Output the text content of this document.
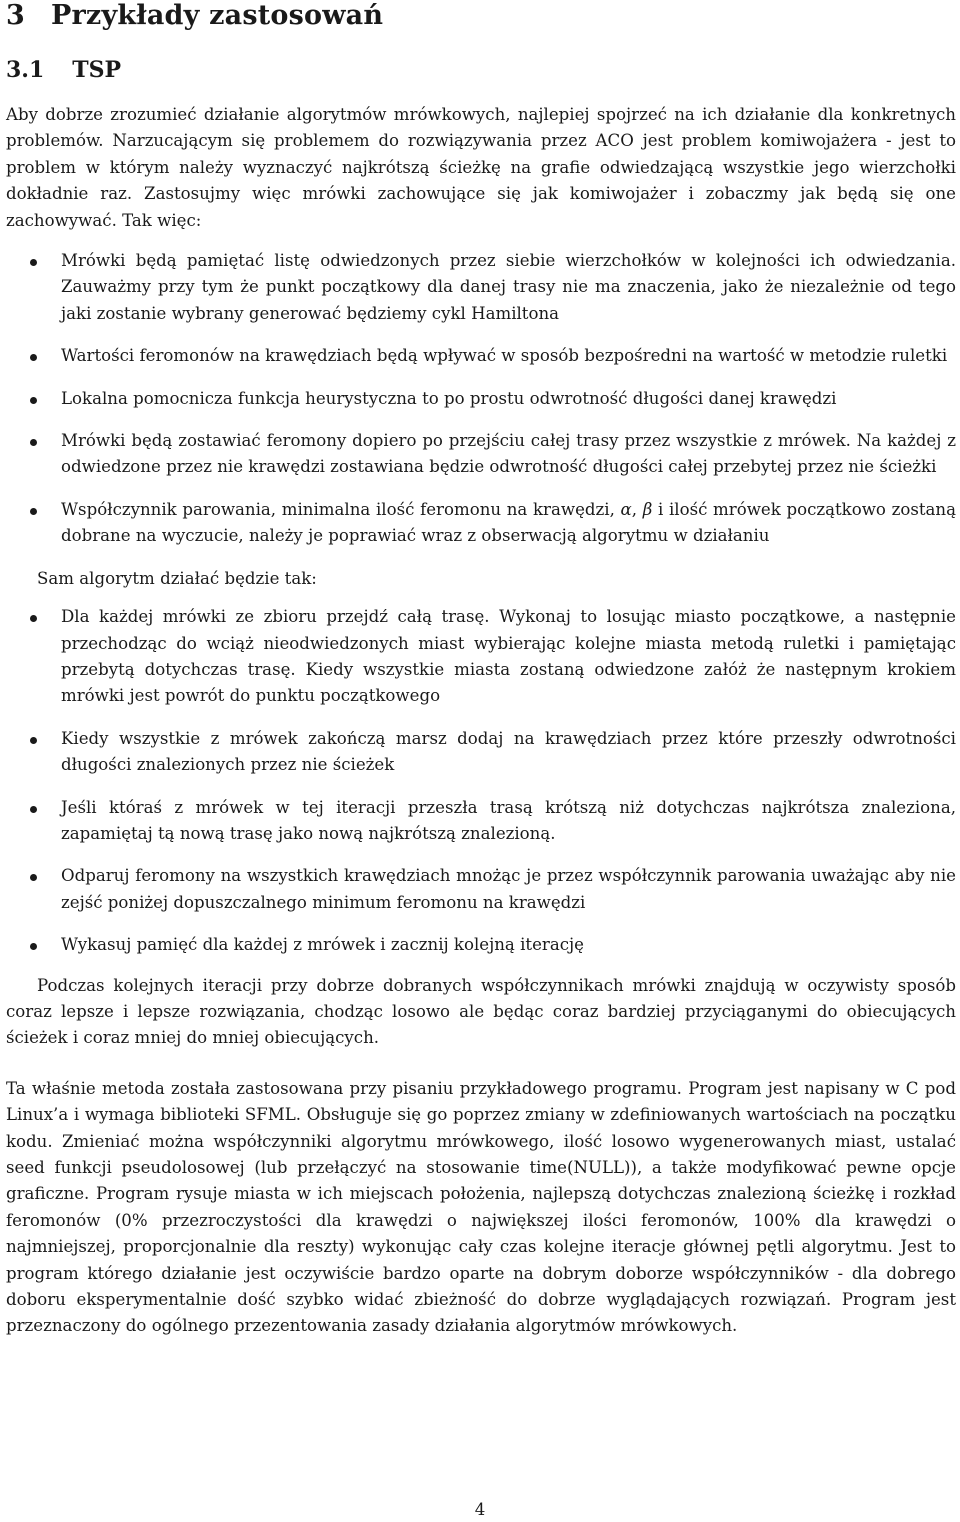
3 Przykłady zastosowań
3.1 TSP

Aby dobrze zrozumieć działanie algorytmów mrówkowych, najlepiej spojrzeć na ich działanie dla konkretnych problemów. Narzucającym się problemem do rozwiązywania przez ACO jest problem komiwojażera - jest to problem w którym należy wyznaczyć najkrótszą ścieżkę na grafie odwiedzającą wszystkie jego wierzchołki dokładnie raz. Zastosujmy więc mrówki zachowujące się jak komiwojażer i zobaczmy jak będą się one zachowywać. Tak więc:

Mrówki będą pamiętać listę odwiedzonych przez siebie wierzchołków w kolejności ich odwiedzania. Zauważmy przy tym że punkt początkowy dla danej trasy nie ma znaczenia, jako że niezależnie od tego jaki zostanie wybrany generować będziemy cykl Hamiltona
Wartości feromonów na krawędziach będą wpływać w sposób bezpośredni na wartość w metodzie ruletki
Lokalna pomocnicza funkcja heurystyczna to po prostu odwrotność długości danej krawędzi
Mrówki będą zostawiać feromony dopiero po przejściu całej trasy przez wszystkie z mrówek. Na każdej z odwiedzone przez nie krawędzi zostawiana będzie odwrotność długości całej przebytej przez nie ścieżki
Współczynnik parowania, minimalna ilość feromonu na krawędzi, α, β i ilość mrówek początkowo zostaną dobrane na wyczucie, należy je poprawiać wraz z obserwacją algorytmu w działaniu

Sam algorytm działać będzie tak:

Dla każdej mrówki ze zbioru przejdź całą trasę. Wykonaj to losując miasto początkowe, a następnie przechodząc do wciąż nieodwiedzonych miast wybierając kolejne miasta metodą ruletki i pamiętając przebytą dotychczas trasę. Kiedy wszystkie miasta zostaną odwiedzone załóż że następnym krokiem mrówki jest powrót do punktu początkowego
Kiedy wszystkie z mrówek zakończą marsz dodaj na krawędziach przez które przeszły odwrotności długości znalezionych przez nie ścieżek
Jeśli któraś z mrówek w tej iteracji przeszła trasą krótszą niż dotychczas najkrótsza znaleziona, zapamiętaj tą nową trasę jako nową najkrótszą znalezioną.
Odparuj feromony na wszystkich krawędziach mnożąc je przez współczynnik parowania uważając aby nie zejść poniżej dopuszczalnego minimum feromonu na krawędzi
Wykasuj pamięć dla każdej z mrówek i zacznij kolejną iterację

Podczas kolejnych iteracji przy dobrze dobranych współczynnikach mrówki znajdują w oczywisty sposób coraz lepsze i lepsze rozwiązania, chodząc losowo ale będąc coraz bardziej przyciąganymi do obiecujących ścieżek i coraz mniej do mniej obiecujących.

Ta właśnie metoda została zastosowana przy pisaniu przykładowego programu. Program jest napisany w C pod Linux’a i wymaga biblioteki SFML. Obsługuje się go poprzez zmiany w zdefiniowanych wartościach na początku kodu. Zmieniać można współczynniki algorytmu mrówkowego, ilość losowo wygenerowanych miast, ustalać seed funkcji pseudolosowej (lub przełączyć na stosowanie time(NULL)), a także modyfikować pewne opcje graficzne. Program rysuje miasta w ich miejscach położenia, najlepszą dotychczas znalezioną ścieżkę i rozkład feromonów (0% przezroczystości dla krawędzi o największej ilości feromonów, 100% dla krawędzi o najmniejszej, proporcjonalnie dla reszty) wykonując cały czas kolejne iteracje głównej pętli algorytmu. Jest to program którego działanie jest oczywiście bardzo oparte na dobrym doborze współczynników - dla dobrego doboru eksperymentalnie dość szybko widać zbieżność do dobrze wyglądających rozwiązań. Program jest przeznaczony do ogólnego przezentowania zasady działania algorytmów mrówkowych.

4
